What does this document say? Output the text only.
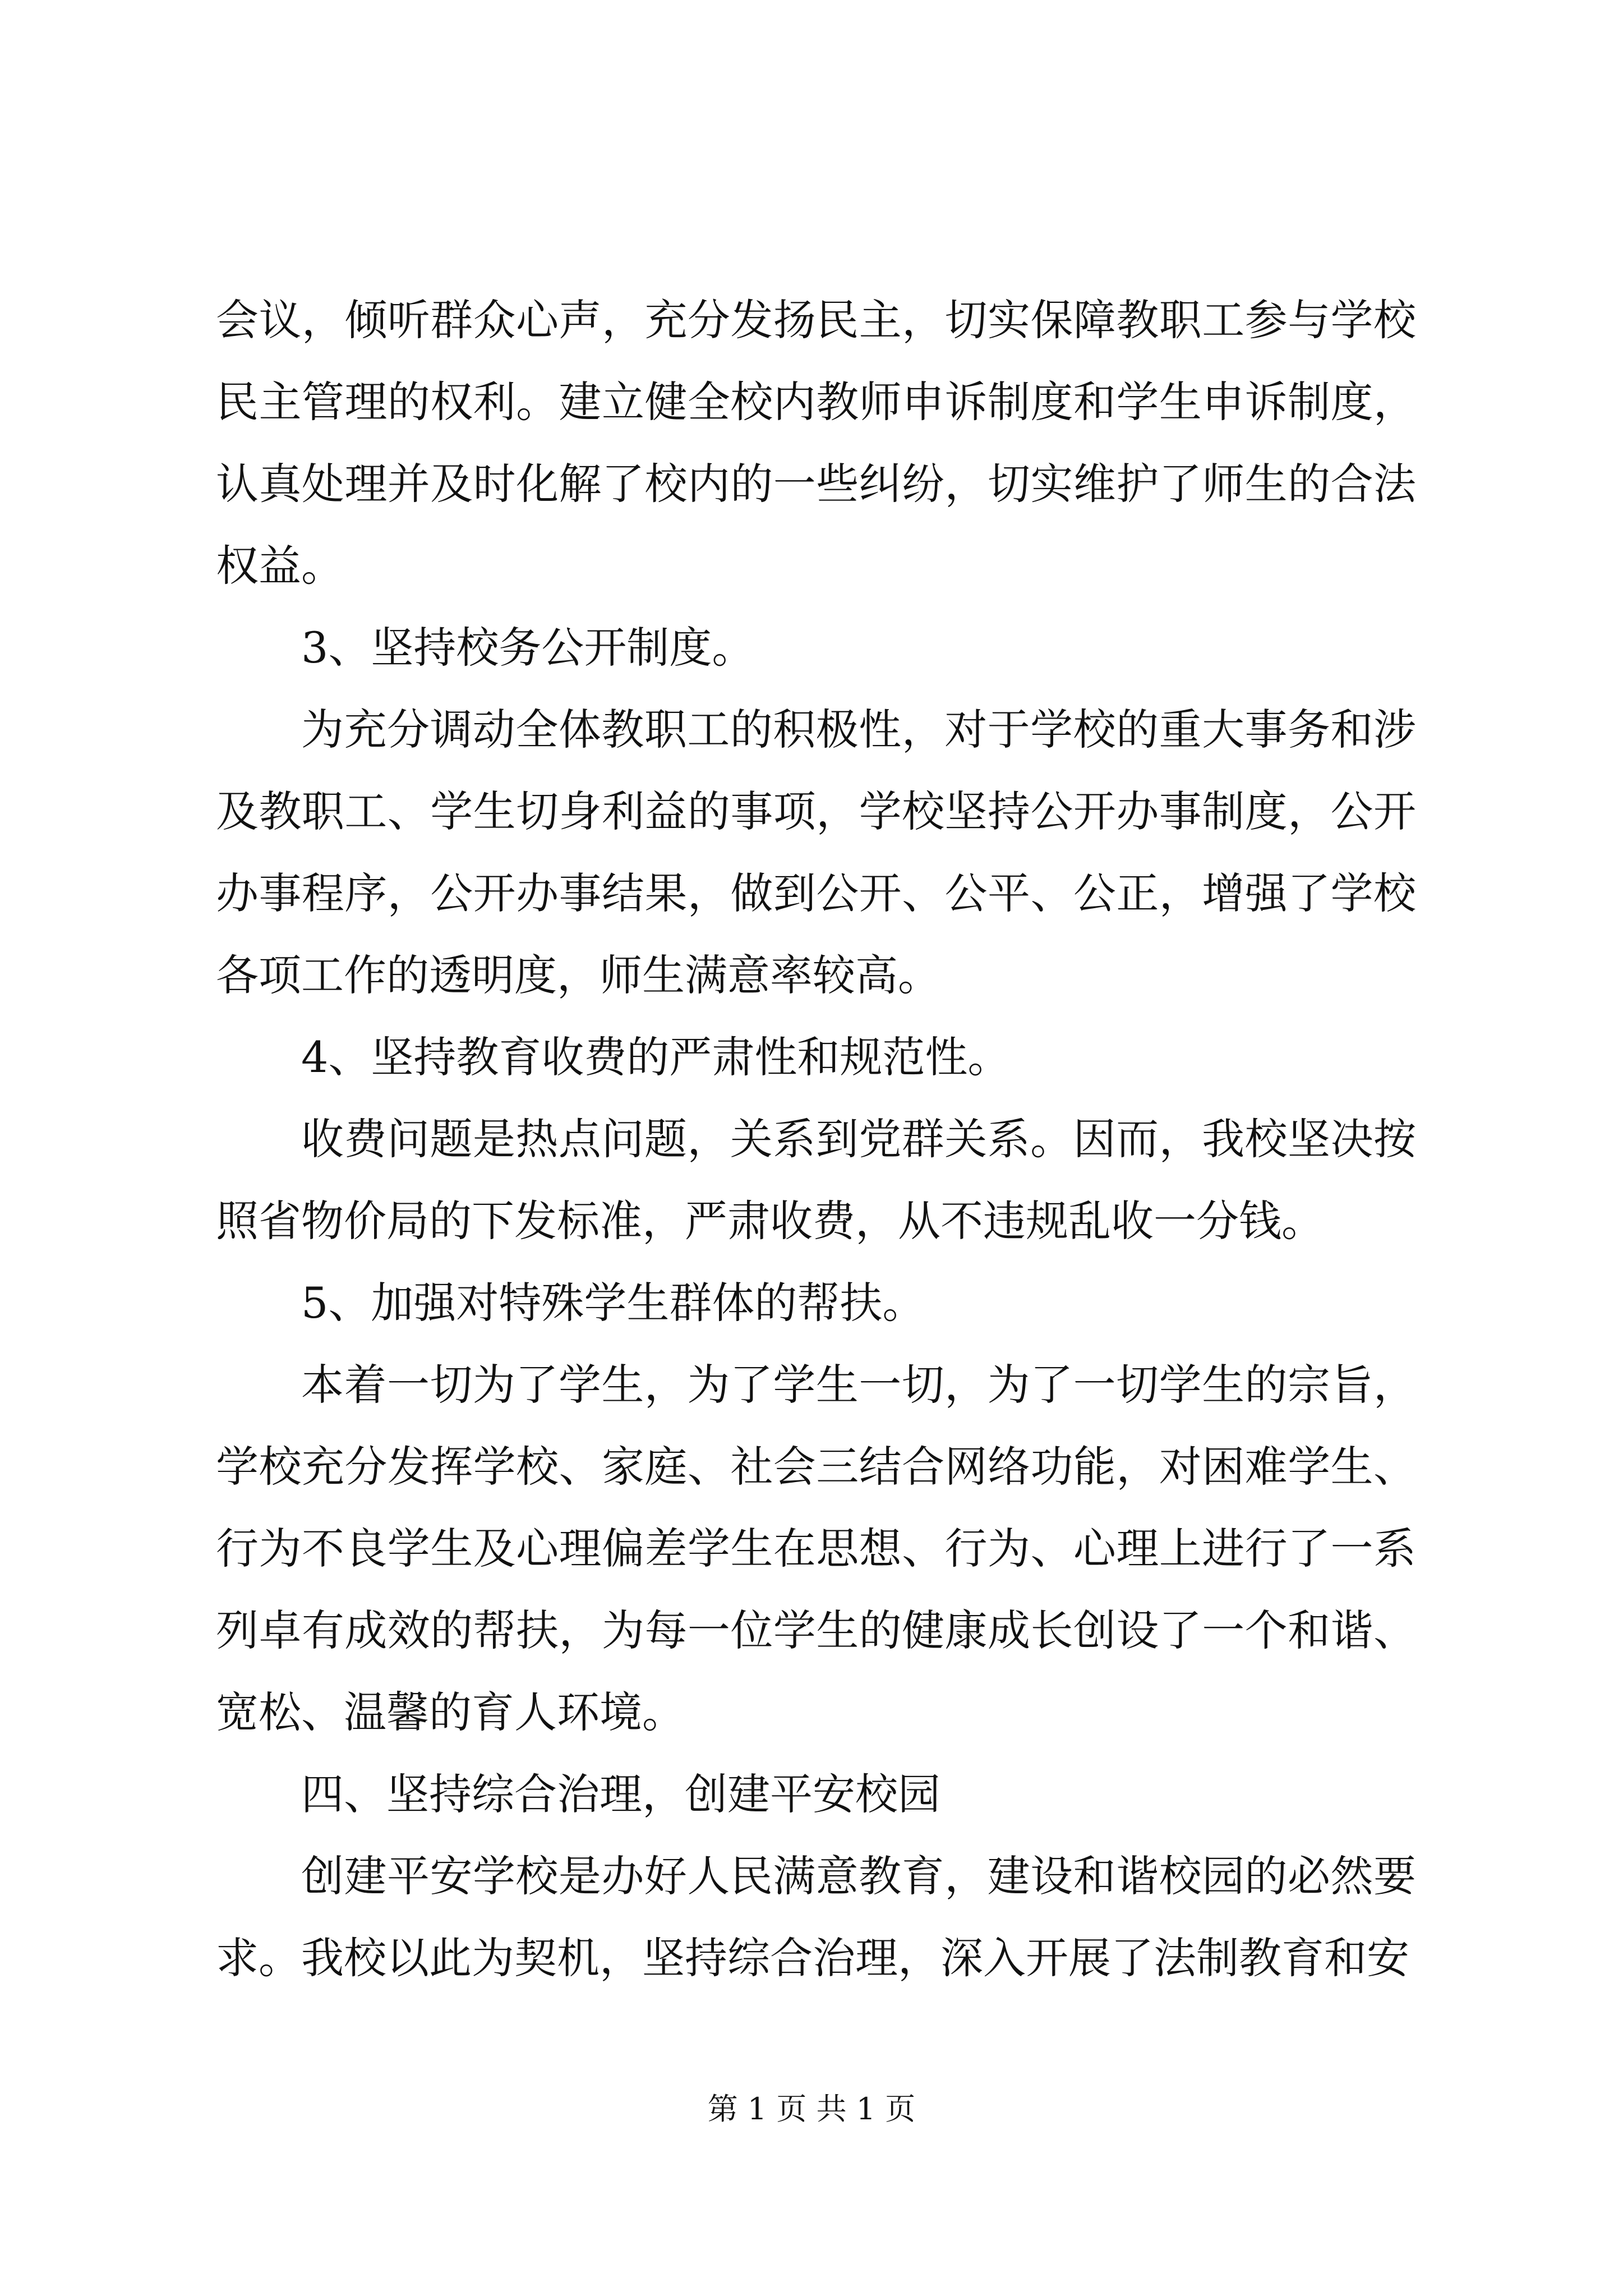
会议，倾听群众心声，充分发扬民主，切实保障教职工参与学校民主管理的权利。建立健全校内教师申诉制度和学生申诉制度，认真处理并及时化解了校内的一些纠纷，切实维护了师生的合法权益。

3、坚持校务公开制度。

为充分调动全体教职工的积极性，对于学校的重大事务和涉及教职工、学生切身利益的事项，学校坚持公开办事制度，公开办事程序，公开办事结果，做到公开、公平、公正，增强了学校各项工作的透明度，师生满意率较高。

4、坚持教育收费的严肃性和规范性。

收费问题是热点问题，关系到党群关系。因而，我校坚决按照省物价局的下发标准，严肃收费，从不违规乱收一分钱。

5、加强对特殊学生群体的帮扶。

本着一切为了学生，为了学生一切，为了一切学生的宗旨，学校充分发挥学校、家庭、社会三结合网络功能，对困难学生、行为不良学生及心理偏差学生在思想、行为、心理上进行了一系列卓有成效的帮扶，为每一位学生的健康成长创设了一个和谐、宽松、温馨的育人环境。

四、坚持综合治理，创建平安校园

创建平安学校是办好人民满意教育，建设和谐校园的必然要求。我校以此为契机，坚持综合治理，深入开展了法制教育和安

第 1 页 共 1 页
